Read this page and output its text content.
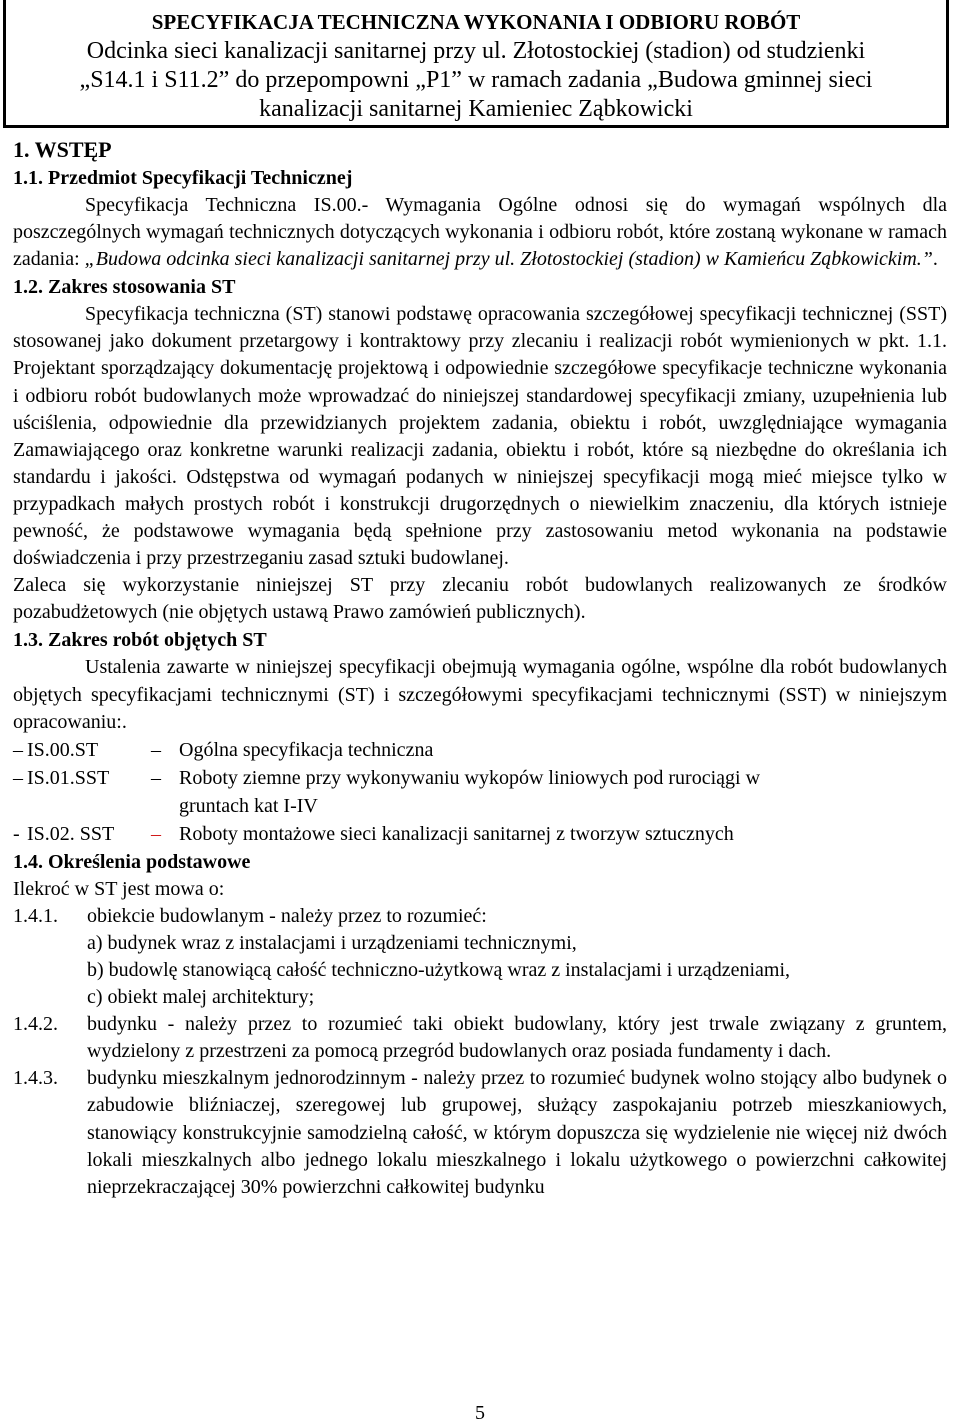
SPECYFIKACJA TECHNICZNA WYKONANIA I ODBIORU ROBÓT
Odcinka sieci kanalizacji sanitarnej przy ul. Złotostockiej (stadion) od studzienki
„S14.1 i S11.2” do przepompowni „P1” w ramach zadania „Budowa gminnej sieci
kanalizacji sanitarnej Kamieniec Ząbkowicki
1. WSTĘP
1.1. Przedmiot Specyfikacji Technicznej

Specyfikacja Techniczna IS.00.- Wymagania Ogólne odnosi się do wymagań wspólnych dla poszczególnych wymagań technicznych dotyczących wykonania i odbioru robót, które zostaną wykonane w ramach zadania: „Budowa odcinka sieci kanalizacji sanitarnej przy ul. Złotostockiej (stadion) w Kamieńcu Ząbkowickim.”.

1.2. Zakres stosowania ST

Specyfikacja techniczna (ST) stanowi podstawę opracowania szczegółowej specyfikacji technicznej (SST) stosowanej jako dokument przetargowy i kontraktowy przy zlecaniu i realizacji robót wymienionych w pkt. 1.1. Projektant sporządzający dokumentację projektową i odpowiednie szczegółowe specyfikacje techniczne wykonania i odbioru robót budowlanych może wprowadzać do niniejszej standardowej specyfikacji zmiany, uzupełnienia lub uściślenia, odpowiednie dla przewidzianych projektem zadania, obiektu i robót, uwzględniające wymagania Zamawiającego oraz konkretne warunki realizacji zadania, obiektu i robót, które są niezbędne do określania ich standardu i jakości. Odstępstwa od wymagań podanych w niniejszej specyfikacji mogą mieć miejsce tylko w przypadkach małych prostych robót i konstrukcji drugorzędnych o niewielkim znaczeniu, dla których istnieje pewność, że podstawowe wymagania będą spełnione przy zastosowaniu metod wykonania na podstawie doświadczenia i przy przestrzeganiu zasad sztuki budowlanej.

Zaleca się wykorzystanie niniejszej ST przy zlecaniu robót budowlanych realizowanych ze środków pozabudżetowych (nie objętych ustawą Prawo zamówień publicznych).

1.3. Zakres robót objętych ST

Ustalenia zawarte w niniejszej specyfikacji obejmują wymagania ogólne, wspólne dla robót budowlanych objętych specyfikacjami technicznymi (ST) i szczegółowymi specyfikacjami technicznymi (SST) w niniejszym opracowaniu:.

– IS.00.ST	– Ogólna specyfikacja techniczna
– IS.01.SST	– Roboty ziemne przy wykonywaniu wykopów liniowych pod rurociągi w gruntach kat I-IV
- IS.02. SST	– Roboty montażowe sieci kanalizacji sanitarnej z tworzyw sztucznych
1.4. Określenia podstawowe

Ilekroć w ST jest mowa o:

1.4.1.	obiekcie budowlanym - należy przez to rozumieć:
a) budynek wraz z instalacjami i urządzeniami technicznymi,
b) budowlę stanowiącą całość techniczno-użytkową wraz z instalacjami i urządzeniami,
c) obiekt malej architektury;
1.4.2.	budynku - należy przez to rozumieć taki obiekt budowlany, który jest trwale związany z gruntem, wydzielony z przestrzeni za pomocą przegród budowlanych oraz posiada fundamenty i dach.
1.4.3.	budynku mieszkalnym jednorodzinnym - należy przez to rozumieć budynek wolno stojący albo budynek o zabudowie bliźniaczej, szeregowej lub grupowej, służący zaspokajaniu potrzeb mieszkaniowych, stanowiący konstrukcyjnie samodzielną całość, w którym dopuszcza się wydzielenie nie więcej niż dwóch lokali mieszkalnych albo jednego lokalu mieszkalnego i lokalu użytkowego o powierzchni całkowitej nieprzekraczającej 30% powierzchni całkowitej budynku
5
